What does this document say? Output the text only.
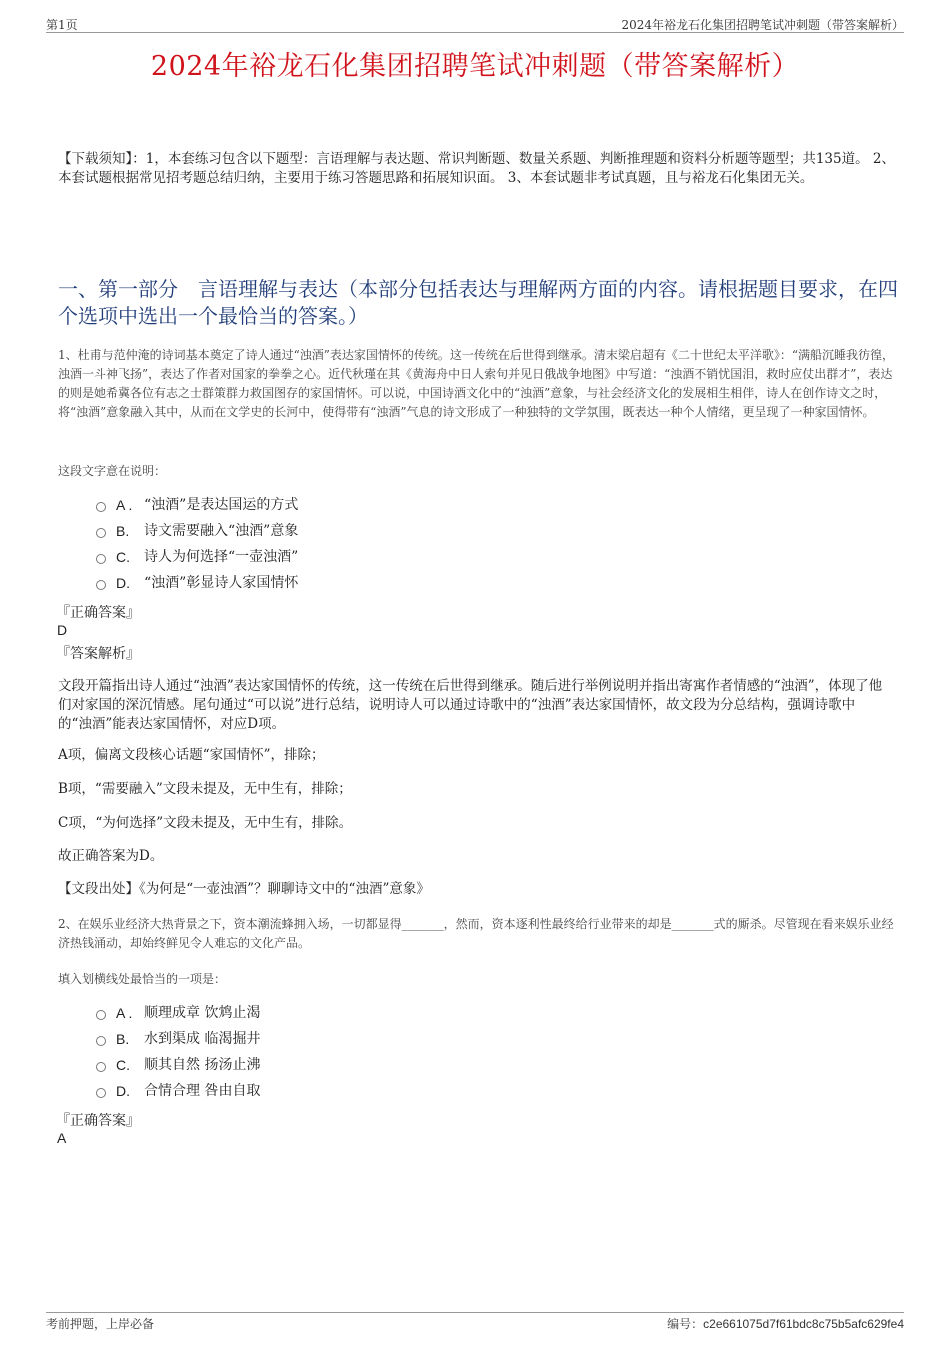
第1页	2024年裕龙石化集团招聘笔试冲刺题（带答案解析）
2024年裕龙石化集团招聘笔试冲刺题（带答案解析）
【下载须知】：1，本套练习包含以下题型：言语理解与表达题、常识判断题、数量关系题、判断推理题和资料分析题等题型；共135道。 2、本套试题根据常见招考题总结归纳，主要用于练习答题思路和拓展知识面。 3、本套试题非考试真题，且与裕龙石化集团无关。
一、第一部分　言语理解与表达（本部分包括表达与理解两方面的内容。请根据题目要求，在四个选项中选出一个最恰当的答案。）
1、杜甫与范仲淹的诗词基本奠定了诗人通过“浊酒”表达家国情怀的传统。这一传统在后世得到继承。清末梁启超有《二十世纪太平洋歌》：“满船沉睡我彷徨，浊酒一斗神飞扬”，表达了作者对国家的拳拳之心。近代秋瑾在其《黄海舟中日人索句并见日俄战争地图》中写道：“浊酒不销忧国泪，救时应仗出群才”，表达的则是她希冀各位有志之士群策群力救国图存的家国情怀。可以说，中国诗酒文化中的“浊酒”意象，与社会经济文化的发展相生相伴，诗人在创作诗文之时，将“浊酒”意象融入其中，从而在文学史的长河中，使得带有“浊酒”气息的诗文形成了一种独特的文学氛围，既表达一种个人情绪，更呈现了一种家国情怀。
这段文字意在说明：
A . “浊酒”是表达国运的方式
B.	诗文需要融入“浊酒”意象
C.	诗人为何选择“一壶浊酒”
D.	“浊酒”彰显诗人家国情怀
『正确答案』
D
『答案解析』
文段开篇指出诗人通过“浊酒”表达家国情怀的传统，这一传统在后世得到继承。随后进行举例说明并指出寄寓作者情感的“浊酒”，体现了他们对家国的深沉情感。尾句通过“可以说”进行总结，说明诗人可以通过诗歌中的“浊酒”表达家国情怀，故文段为分总结构，强调诗歌中的“浊酒”能表达家国情怀，对应D项。
A项，偏离文段核心话题“家国情怀”，排除；
B项，“需要融入”文段未提及，无中生有，排除；
C项，“为何选择”文段未提及，无中生有，排除。
故正确答案为D。
【文段出处】《为何是“一壶浊酒”？聊聊诗文中的“浊酒”意象》
2、在娱乐业经济大热背景之下，资本潮流蜂拥入场，一切都显得_______，然而，资本逐利性最终给行业带来的却是_______式的厮杀。尽管现在看来娱乐业经济热钱涌动，却始终鲜见令人难忘的文化产品。
填入划横线处最恰当的一项是：
A . 顺理成章 饮鸩止渴
B.	水到渠成 临渴掘井
C.	顺其自然 扬汤止沸
D.	合情合理 咎由自取
『正确答案』
A
考前押题，上岸必备	编号：c2e661075d7f61bdc8c75b5afc629fe4
